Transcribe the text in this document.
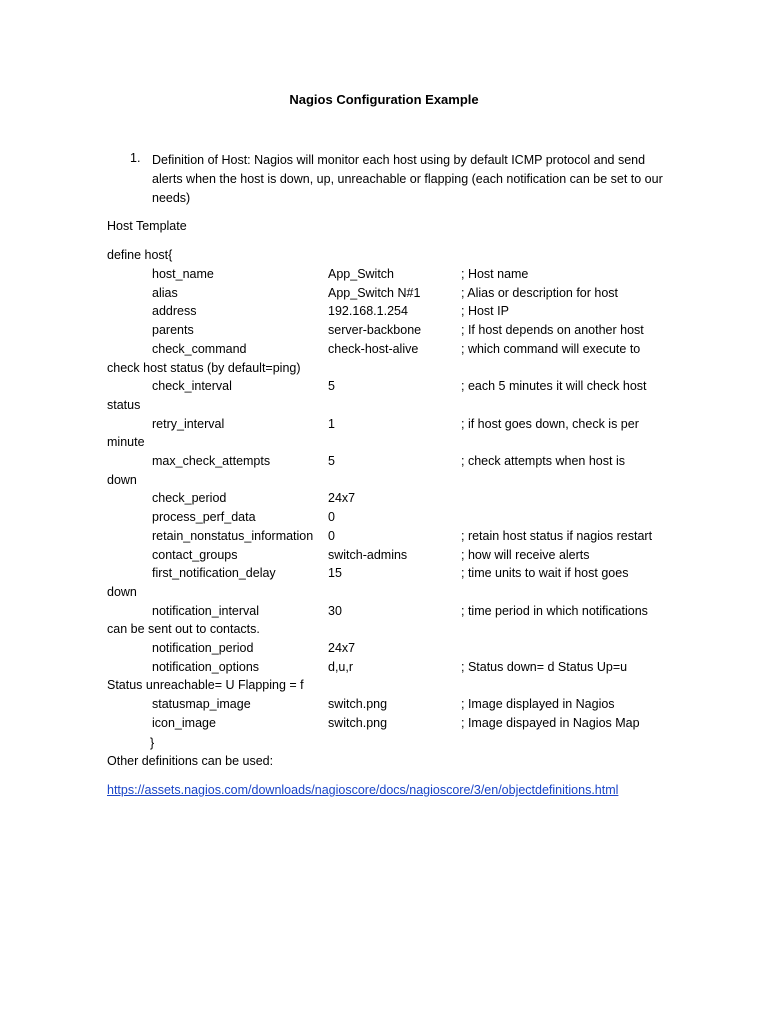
Nagios Configuration Example
1. Definition of Host: Nagios will monitor each host using by default ICMP protocol and send alerts when the host is down, up, unreachable or flapping (each notification can be set to our needs)
Host Template
define host{
host_name	App_Switch	; Host name
alias	App_Switch N#1	; Alias or description for host
address	192.168.1.254	; Host IP
parents	server-backbone	; If host depends on another host
check_command	check-host-alive	; which command will execute to
check host status (by default=ping)
check_interval	5	; each 5 minutes it will check host
status
retry_interval	1	; if host goes down, check is per
minute
max_check_attempts	5	; check attempts when host is
down
check_period	24x7
process_perf_data	0
retain_nonstatus_information 0	; retain host status if nagios restart
contact_groups	switch-admins	; how will receive alerts
first_notification_delay	15	; time units to wait if host goes
down
notification_interval	30	; time period in which notifications
can be sent out to contacts.
notification_period	24x7
notification_options	d,u,r	; Status down= d Status Up=u
Status unreachable= U Flapping = f
statusmap_image	switch.png	; Image displayed in Nagios
icon_image	switch.png	; Image dispayed in Nagios Map
}
Other definitions can be used:
https://assets.nagios.com/downloads/nagioscore/docs/nagioscore/3/en/objectdefinitions.html
